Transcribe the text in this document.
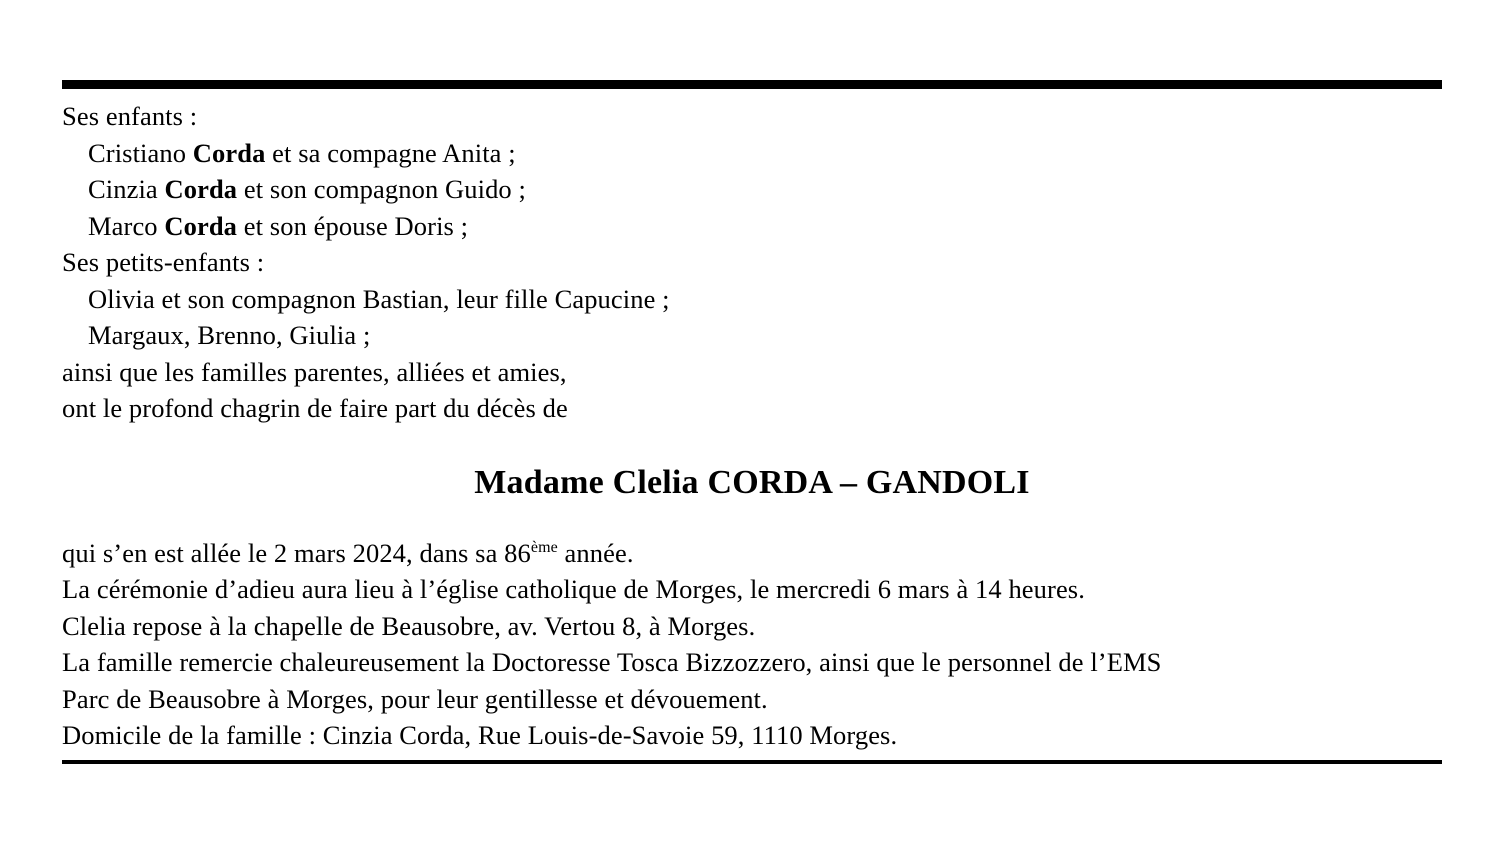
Ses enfants :
Cristiano Corda et sa compagne Anita ;
Cinzia Corda et son compagnon Guido ;
Marco Corda et son épouse Doris ;
Ses petits-enfants :
Olivia et son compagnon Bastian, leur fille Capucine ;
Margaux, Brenno, Giulia ;
ainsi que les familles parentes, alliées et amies,
ont le profond chagrin de faire part du décès de
Madame Clelia CORDA – GANDOLI
qui s’en est allée le 2 mars 2024, dans sa 86ème année.
La cérémonie d’adieu aura lieu à l’église catholique de Morges, le mercredi 6 mars à 14 heures.
Clelia repose à la chapelle de Beausobre, av. Vertou 8, à Morges.
La famille remercie chaleureusement la Doctoresse Tosca Bizzozzero, ainsi que le personnel de l’EMS
Parc de Beausobre à Morges, pour leur gentillesse et dévouement.
Domicile de la famille : Cinzia Corda, Rue Louis-de-Savoie 59, 1110 Morges.
